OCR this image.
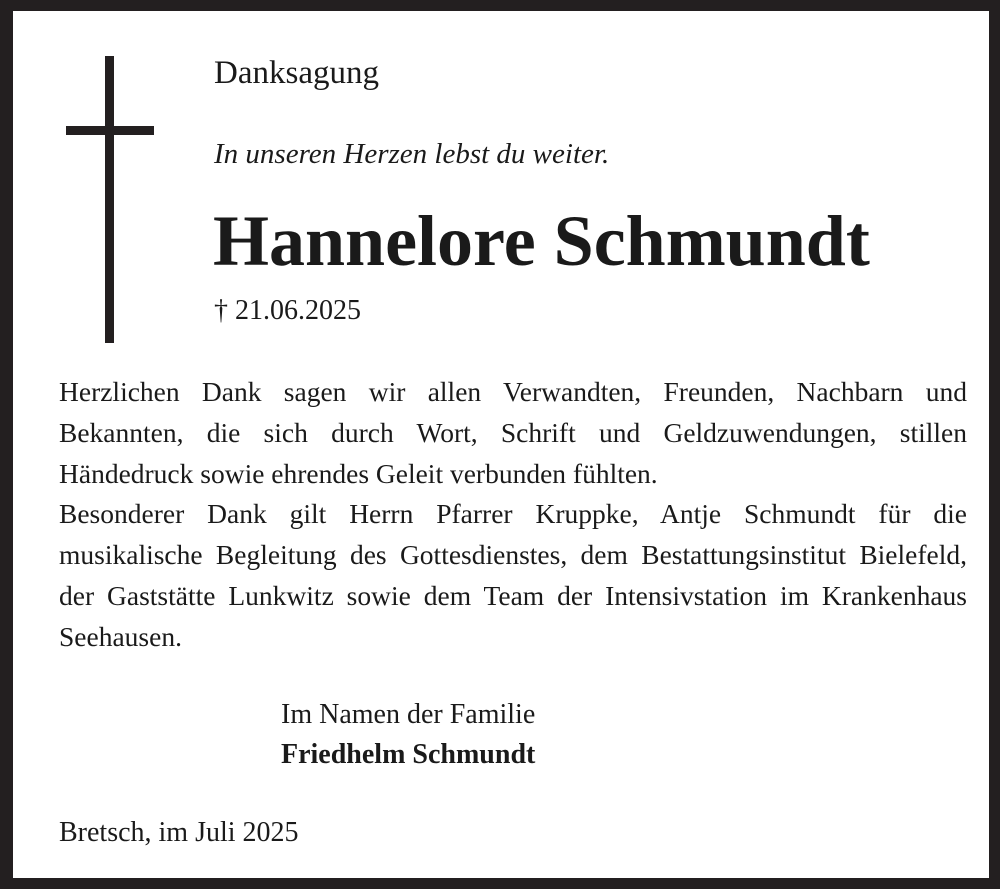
Danksagung
In unseren Herzen lebst du weiter.
Hannelore Schmundt
† 21.06.2025

Herzlichen Dank sagen wir allen Verwandten, Freunden, Nachbarn und Bekannten, die sich durch Wort, Schrift und Geldzuwendungen, stillen Händedruck sowie ehrendes Geleit verbunden fühlten.

Besonderer Dank gilt Herrn Pfarrer Kruppke, Antje Schmundt für die musikalische Begleitung des Gottesdienstes, dem Bestattungsinstitut Bielefeld, der Gaststätte Lunkwitz sowie dem Team der Intensivstation im Krankenhaus Seehausen.

Im Namen der Familie
Friedhelm Schmundt
Bretsch, im Juli 2025
